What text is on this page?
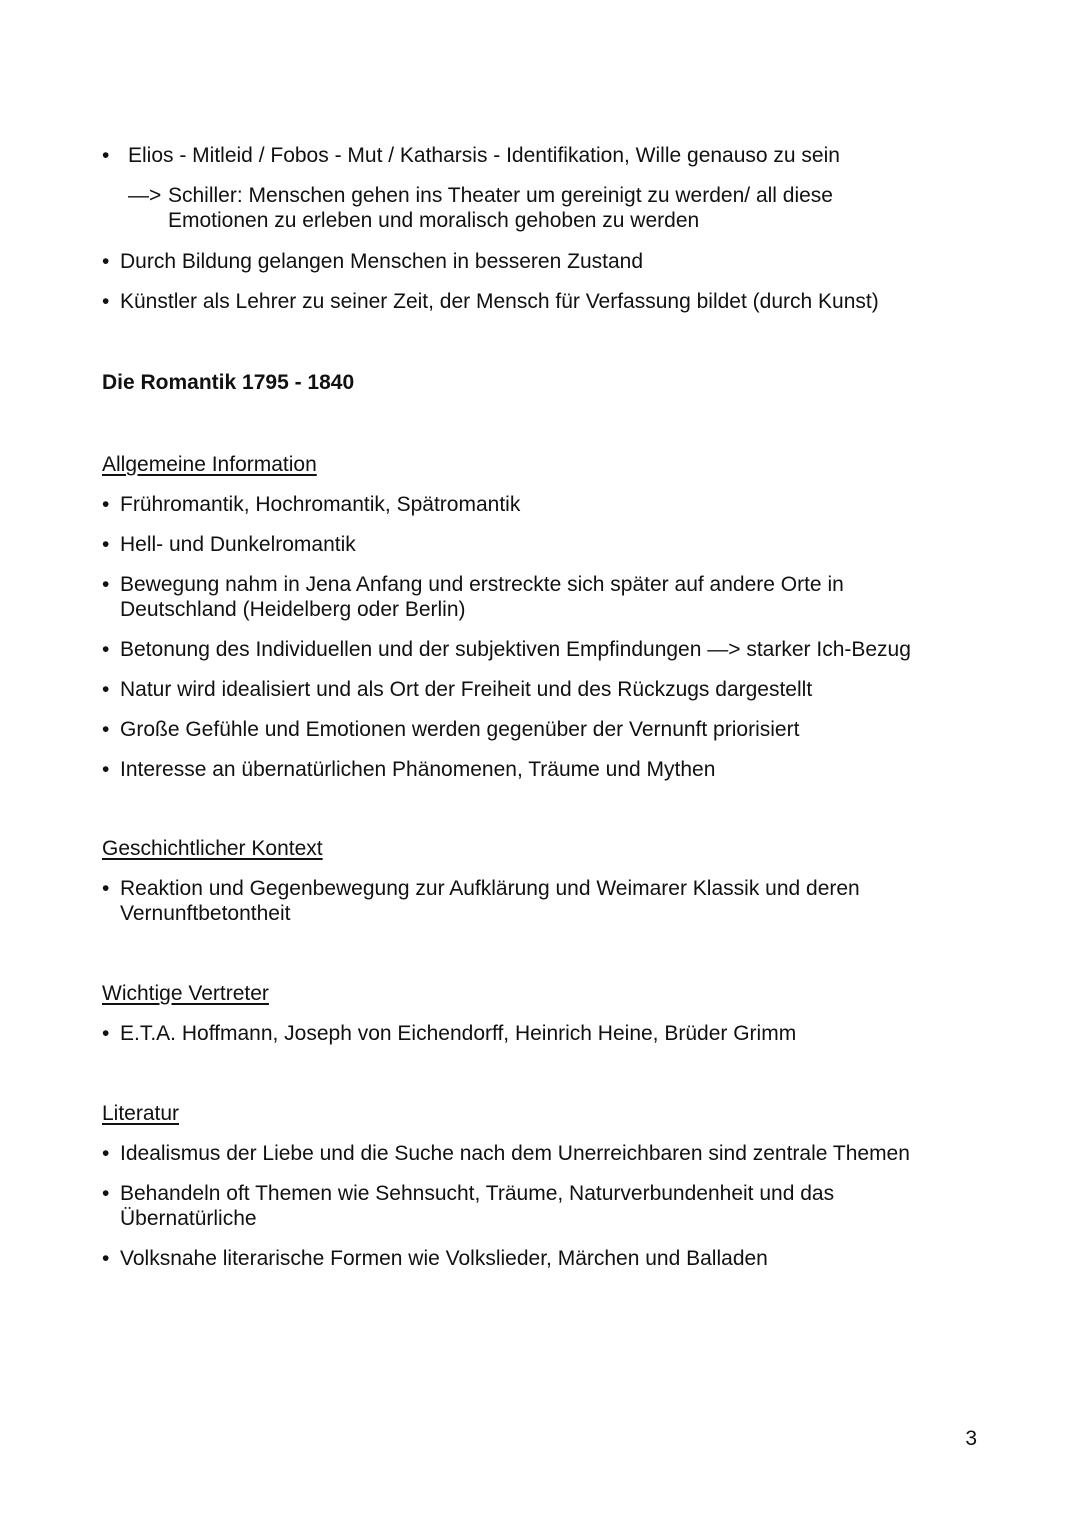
• Elios - Mitleid / Fobos - Mut / Katharsis - Identifikation, Wille genauso zu sein
—> Schiller: Menschen gehen ins Theater um gereinigt zu werden/ all diese Emotionen zu erleben und moralisch gehoben zu werden
• Durch Bildung gelangen Menschen in besseren Zustand
• Künstler als Lehrer zu seiner Zeit, der Mensch für Verfassung bildet (durch Kunst)
Die Romantik 1795 - 1840
Allgemeine Information
• Frühromantik, Hochromantik, Spätromantik
• Hell- und Dunkelromantik
• Bewegung nahm in Jena Anfang und erstreckte sich später auf andere Orte in Deutschland (Heidelberg oder Berlin)
• Betonung des Individuellen und der subjektiven Empfindungen —> starker Ich-Bezug
• Natur wird idealisiert und als Ort der Freiheit und des Rückzugs dargestellt
• Große Gefühle und Emotionen werden gegenüber der Vernunft priorisiert
• Interesse an übernatürlichen Phänomenen, Träume und Mythen
Geschichtlicher Kontext
• Reaktion und Gegenbewegung zur Aufklärung und Weimarer Klassik und deren Vernunftbetontheit
Wichtige Vertreter
• E.T.A. Hoffmann, Joseph von Eichendorff, Heinrich Heine, Brüder Grimm
Literatur
• Idealismus der Liebe und die Suche nach dem Unerreichbaren sind zentrale Themen
• Behandeln oft Themen wie Sehnsucht, Träume, Naturverbundenheit und das Übernatürliche
• Volksnahe literarische Formen wie Volkslieder, Märchen und Balladen
3
